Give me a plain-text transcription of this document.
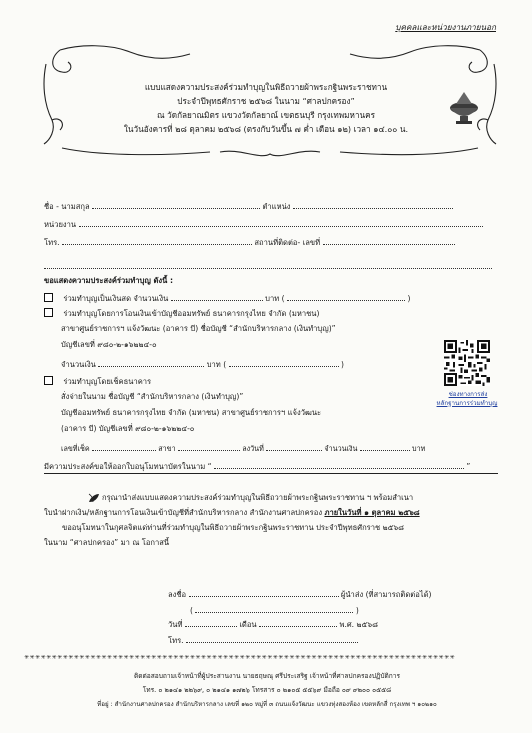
บุคคลและหน่วยงานภายนอก
แบบแสดงความประสงค์ร่วมทำบุญในพิธีถวายผ้าพระกฐินพระราชทาน
ประจำปีพุทธศักราช ๒๕๖๘ ในนาม “ศาลปกครอง”
ณ วัดกัลยาณมิตร แขวงวัดกัลยาณ์ เขตธนบุรี กรุงเทพมหานคร
ในวันอังคารที่ ๒๘ ตุลาคม ๒๕๖๘ (ตรงกับวันขึ้น ๗ ค่ำ เดือน ๑๒) เวลา ๑๔.๐๐ น.
ชื่อ - นามสกุล	ตำแหน่ง
หน่วยงาน
โทร.	สถานที่ติดต่อ- เลขที่
ขอแสดงความประสงค์ร่วมทำบุญ ดังนี้ :
ร่วมทำบุญเป็นเงินสด จำนวนเงิน	บาท (	)
ร่วมทำบุญโดยการโอนเงินเข้าบัญชีออมทรัพย์ ธนาคารกรุงไทย จำกัด (มหาชน)
สาขาศูนย์ราชการฯ แจ้งวัฒนะ (อาคาร บี) ชื่อบัญชี “สำนักบริหารกลาง (เงินทำบุญ)”
บัญชีเลขที่ ๙๘๐-๒-๑๖๒๒๔-๐
จำนวนเงิน	บาท (	)
ร่วมทำบุญโดยเช็คธนาคาร
สั่งจ่ายในนาม ชื่อบัญชี “สำนักบริหารกลาง (เงินทำบุญ)”
บัญชีออมทรัพย์ ธนาคารกรุงไทย จำกัด (มหาชน) สาขาศูนย์ราชการฯ แจ้งวัฒนะ
(อาคาร บี) บัญชีเลขที่ ๙๘๐-๒-๑๖๒๒๔-๐
เลขที่เช็ค	สาขา	ลงวันที่	จำนวนเงิน	บาท
ช่องทางการส่ง
หลักฐานการร่วมทำบุญ
มีความประสงค์ขอให้ออกใบอนุโมทนาบัตรในนาม “	”
กรุณานำส่งแบบแสดงความประสงค์ร่วมทำบุญในพิธีถวายผ้าพระกฐินพระราชทาน ฯ พร้อมสำเนา
ใบนำฝากเงิน/หลักฐานการโอนเงินเข้าบัญชีที่สำนักบริหารกลาง สำนักงานศาลปกครอง ภายในวันที่ ๑ ตุลาคม ๒๕๖๘
ขออนุโมทนาในกุศลจิตแด่ท่านที่ร่วมทำบุญในพิธีถวายผ้าพระกฐินพระราชทาน ประจำปีพุทธศักราช ๒๕๖๘
ในนาม “ศาลปกครอง” มา ณ โอกาสนี้
ลงชื่อ	ผู้นำส่ง (ที่สามารถติดต่อได้)
(	)
วันที่	เดือน	พ.ศ. ๒๕๖๘
โทร.
✳✳✳✳✳✳✳✳✳✳✳✳✳✳✳✳✳✳✳✳✳✳✳✳✳✳✳✳✳✳✳✳✳✳✳✳✳✳✳✳✳✳✳✳✳✳✳✳✳✳✳✳✳✳✳✳✳✳✳✳✳✳✳✳✳✳✳✳✳✳✳✳✳✳✳✳✳✳
ติดต่อสอบถามเจ้าหน้าที่ผู้ประสานงาน นายธฤษณุ ศรีประเสริฐ เจ้าหน้าที่ศาลปกครองปฏิบัติการ
โทร. ๐ ๒๑๔๑ ๒๒๖๙, ๐ ๒๑๔๑ ๑๗๒๖ โทรสาร ๐ ๒๑๐๕ ๕๕๖๙ มือถือ ๐๙ ๙๒๐๐ ๐๕๕๘
ที่อยู่ : สำนักงานศาลปกครอง สำนักบริหารกลาง เลขที่ ๑๒๐ หมู่ที่ ๓ ถนนแจ้งวัฒนะ แขวงทุ่งสองห้อง เขตหลักสี่ กรุงเทพ ฯ ๑๐๒๑๐
